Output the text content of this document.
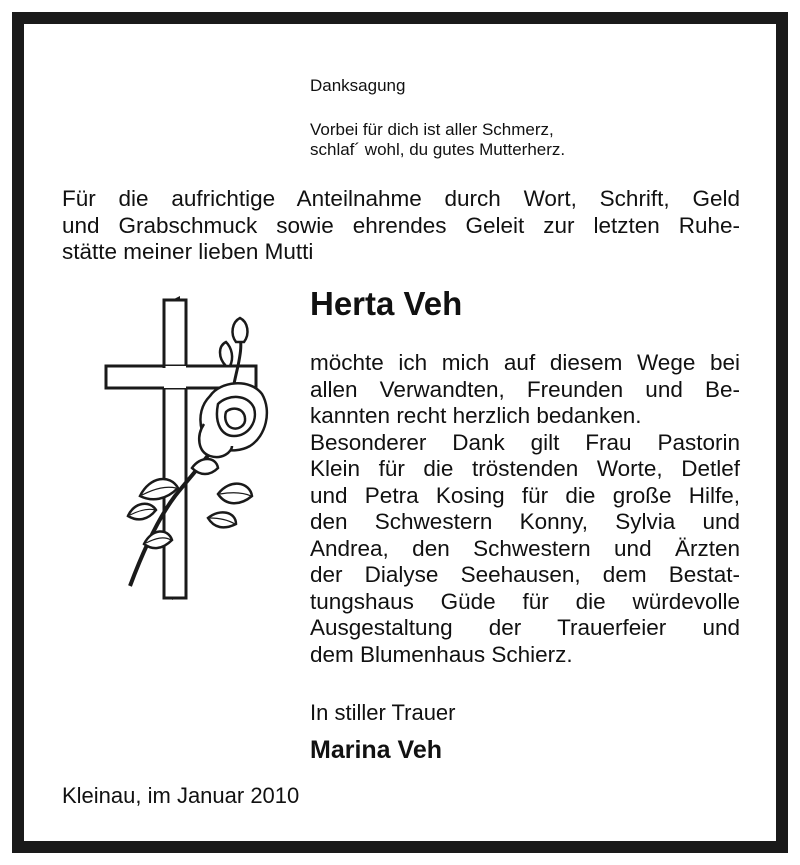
Danksagung
Vorbei für dich ist aller Schmerz,
schlaf´ wohl, du gutes Mutterherz.
Für die aufrichtige Anteilnahme durch Wort, Schrift, Geld
und Grabschmuck sowie ehrendes Geleit zur letzten Ruhe-
stätte meiner lieben Mutti
Herta Veh
möchte ich mich auf diesem Wege bei
allen Verwandten, Freunden und Be-
kannten recht herzlich bedanken.
Besonderer Dank gilt Frau Pastorin
Klein für die tröstenden Worte, Detlef
und Petra Kosing für die große Hilfe,
den Schwestern Konny, Sylvia und
Andrea, den Schwestern und Ärzten
der Dialyse Seehausen, dem Bestat-
tungshaus Güde für die würdevolle
Ausgestaltung der Trauerfeier und
dem Blumenhaus Schierz.
In stiller Trauer
Marina Veh
Kleinau, im Januar 2010
